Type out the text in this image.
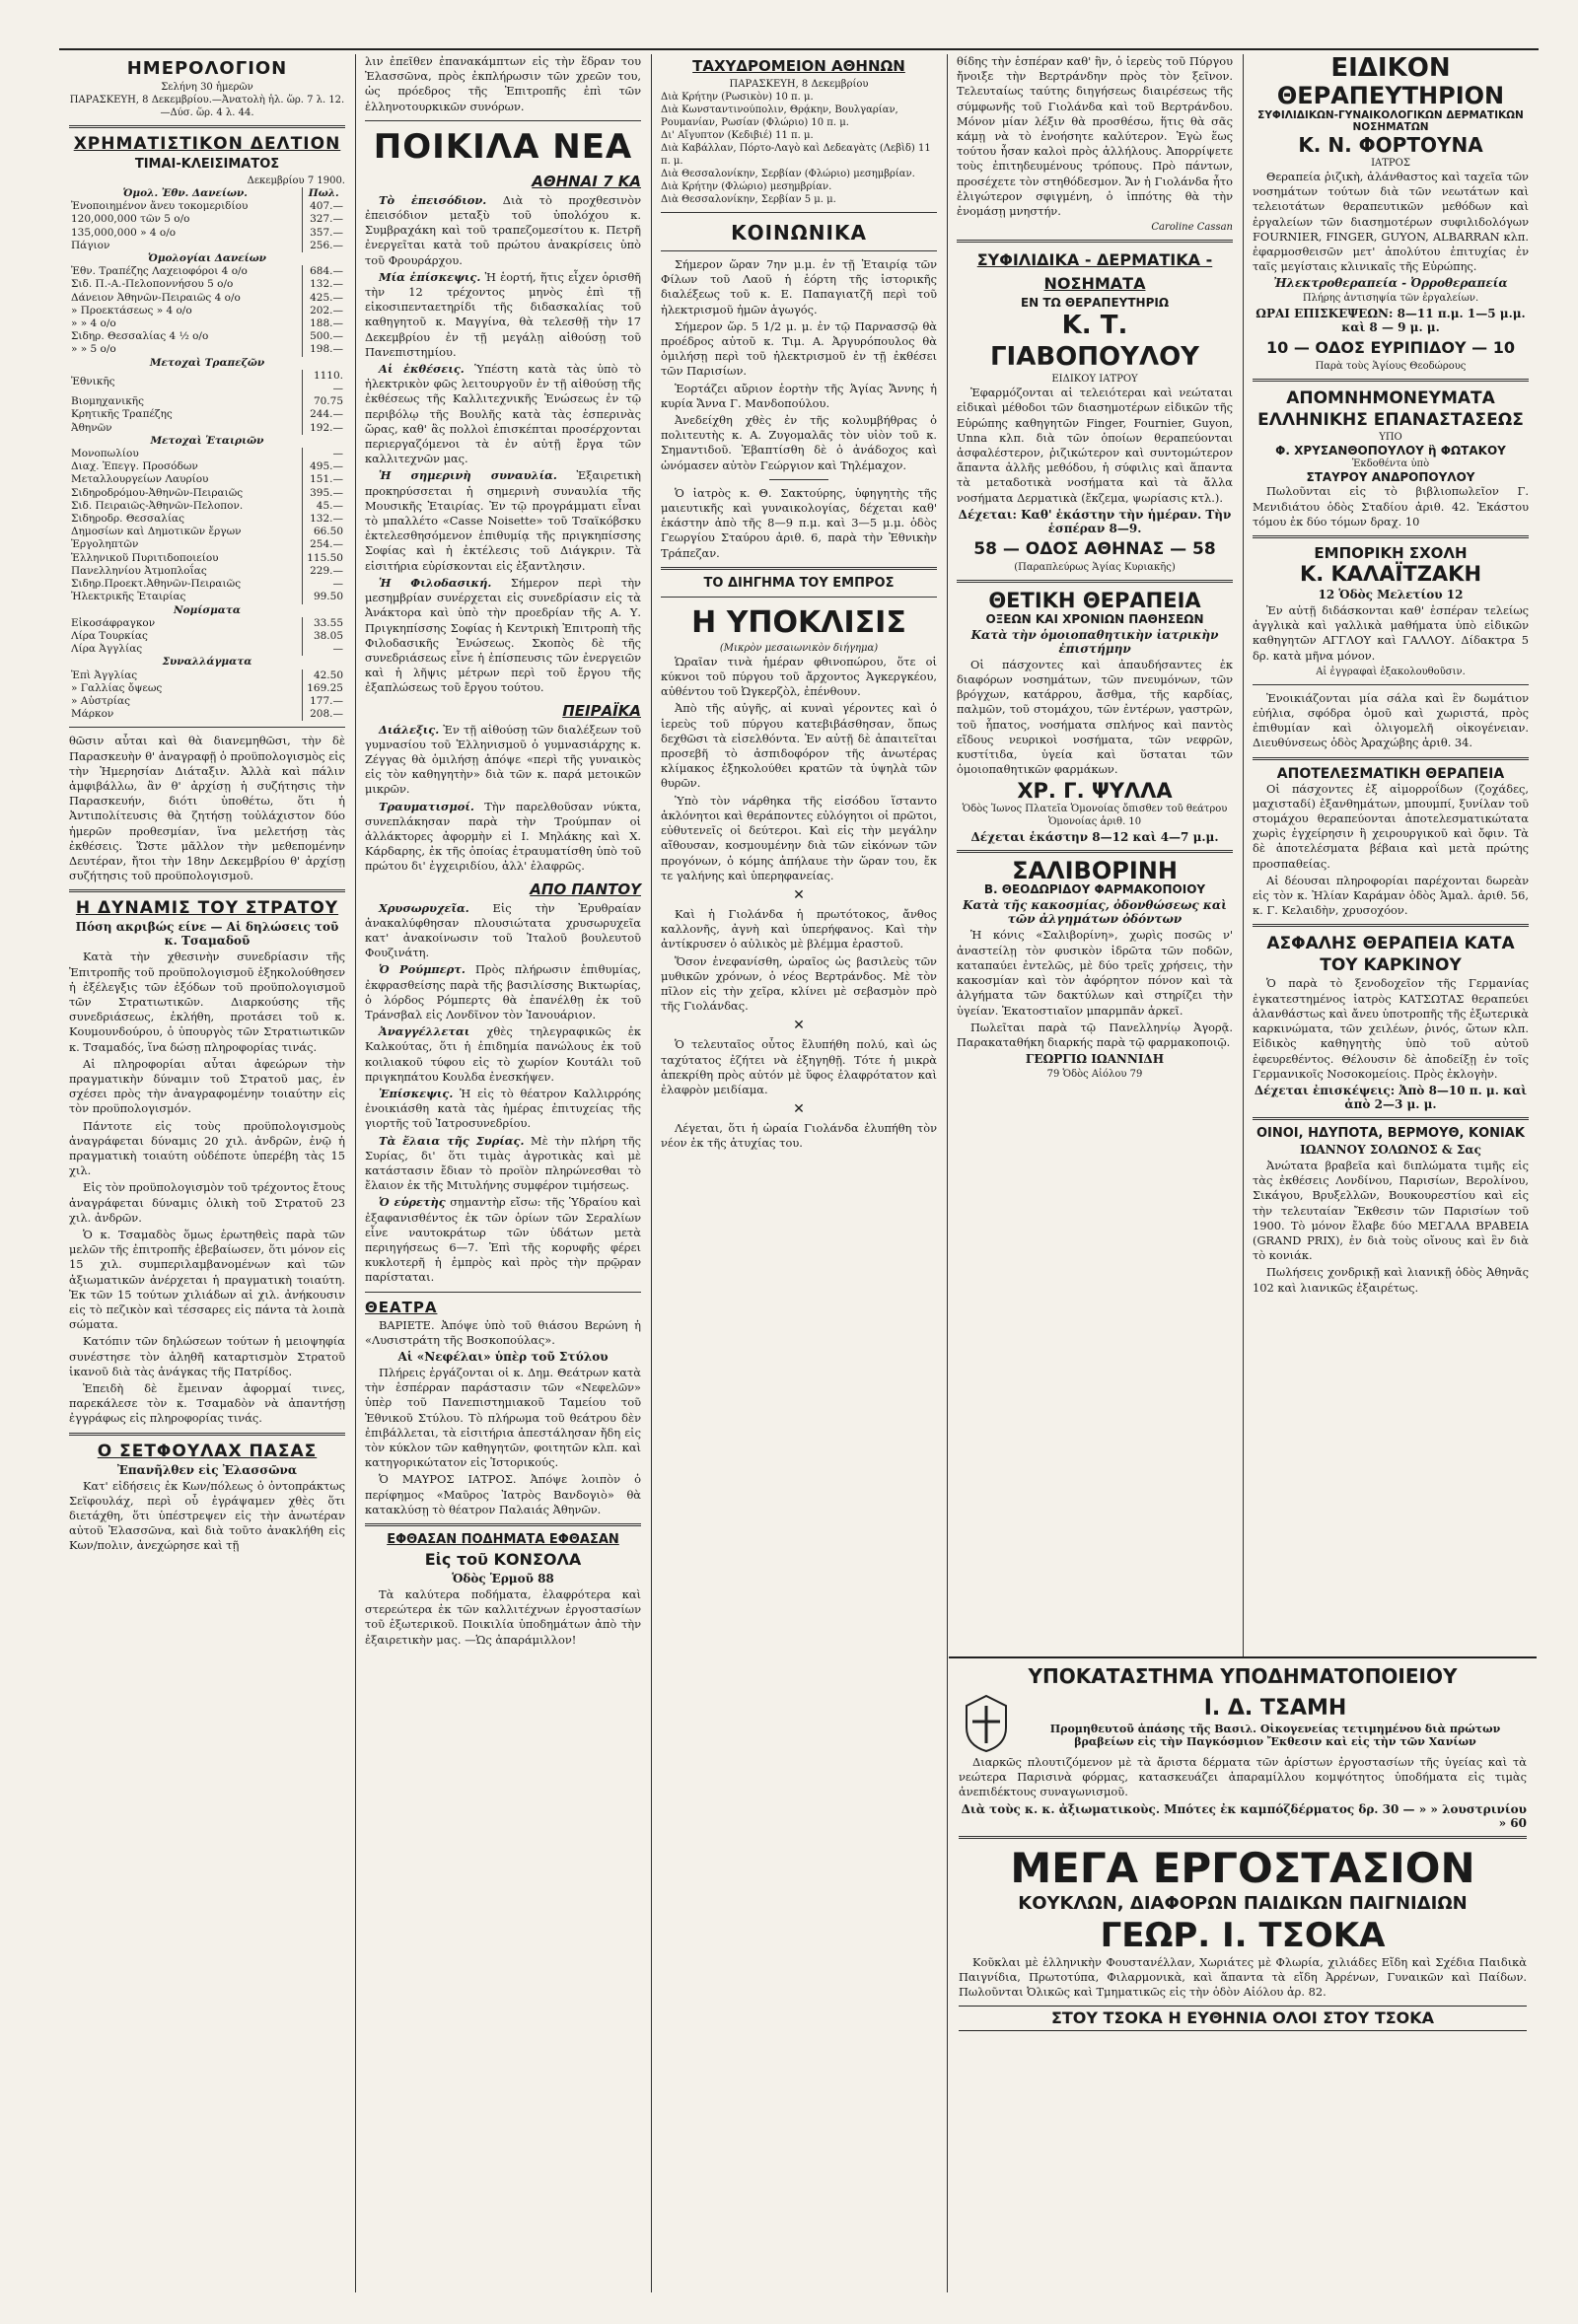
ΗΜΕΡΟΛΟΓΙΟΝ
Σελήνη 30 ἡμερῶν
ΠΑΡΑΣΚΕΥΗ, 8 Δεκεμβρίου.—Ἀνατολὴ ἡλ. ὥρ. 7 λ. 12.—Δύσ. ὥρ. 4 λ. 44.
ΧΡΗΜΑΤΙΣΤΙΚΟΝ ΔΕΛΤΙΟΝ
ΤΙΜΑΙ-ΚΛΕΙΣΙΜΑΤΟΣ
Δεκεμβρίου 7 1900.
Ὁμολ. Ἐθν. Δανείων.	Πωλ.
Ἐνοποιημένον ἄνευ τοκομεριδίου	407.—
120,000,000 τῶν 5 ο/ο	327.—
135,000,000 » 4 ο/ο	357.—
Πάγιον	256.—
Ὁμολογίαι Δανείων	
Ἐθν. Τραπέζης Λαχειοφόροι 4 ο/ο	684.—
Σιδ. Π.-Α.-Πελοποννήσου 5 ο/ο	132.—
Δάνειον Ἀθηνῶν-Πειραιῶς 4 ο/ο	425.—
» Προεκτάσεως » 4 ο/ο	202.—
» » 4 ο/ο	188.—
Σιδηρ. Θεσσαλίας 4 ½ ο/ο	500.—
» » 5 ο/ο	198.—
Μετοχαὶ Τραπεζῶν	
Ἐθνικῆς	1110.—
Βιομηχανικῆς	70.75
Κρητικῆς Τραπέζης	244.—
Ἀθηνῶν	192.—
Μετοχαὶ Ἑταιριῶν	
Μονοπωλίου	—
Διαχ. Ἐπεγγ. Προσόδων	495.—
Μεταλλουργείων Λαυρίου	151.—
Σιδηροδρόμου-Ἀθηνῶν-Πειραιῶς	395.—
Σιδ. Πειραιῶς-Ἀθηνῶν-Πελοπον.	45.—
Σιδηροδρ. Θεσσαλίας	132.—
Δημοσίων καὶ Δημοτικῶν ἔργων	66.50
Ἐργοληπτῶν	254.—
Ἑλληνικοῦ Πυριτιδοποιείου	115.50
Πανελληνίου Ἀτμοπλοΐας	229.—
Σιδηρ.Προεκτ.Ἀθηνῶν-Πειραιῶς	—
Ἠλεκτρικῆς Ἑταιρίας	99.50
Νομίσματα	
Εἰκοσάφραγκον	33.55
Λίρα Τουρκίας	38.05
Λίρα Ἀγγλίας	—
Συναλλάγματα	
Ἐπὶ Ἀγγλίας	42.50
» Γαλλίας ὄψεως	169.25
» Αὐστρίας	177.—
Μάρκον	208.—

θῶσιν αὗται καὶ θὰ διανεμηθῶσι, τὴν δὲ Παρασκευὴν θ' ἀναγραφῇ ὁ προϋπολογισμὸς εἰς τὴν Ἡμερησίαν Διάταξιν. Ἀλλὰ καὶ πάλιν ἀμφιβάλλω, ἂν θ' ἀρχίσῃ ἡ συζήτησις τὴν Παρασκευήν, διότι ὑποθέτω, ὅτι ἡ Ἀντιπολίτευσις θὰ ζητήσῃ τοὐλάχιστον δύο ἡμερῶν προθεσμίαν, ἵνα μελετήσῃ τὰς ἐκθέσεις. Ὥστε μᾶλλον τὴν μεθεπομένην Δευτέραν, ἤτοι τὴν 18ην Δεκεμβρίου θ' ἀρχίσῃ συζήτησις τοῦ προϋπολογισμοῦ.

Η ΔΥΝΑΜΙΣ ΤΟΥ ΣΤΡΑΤΟΥ
Πόση ακριβώς είνε — Αἱ δηλώσεις τοῦ κ. Τσαμαδοῦ

Κατὰ τὴν χθεσινὴν συνεδρίασιν τῆς Ἐπιτροπῆς τοῦ προϋπολογισμοῦ ἐξηκολούθησεν ἡ ἐξέλεγξις τῶν ἐξόδων τοῦ προϋπολογισμοῦ τῶν Στρατιωτικῶν. Διαρκούσης τῆς συνεδριάσεως, ἐκλήθη, προτάσει τοῦ κ. Κουμουνδούρου, ὁ ὑπουργὸς τῶν Στρατιωτικῶν κ. Τσαμαδός, ἵνα δώσῃ πληροφορίας τινάς.

Αἱ πληροφορίαι αὗται ἀφεώρων τὴν πραγματικὴν δύναμιν τοῦ Στρατοῦ μας, ἐν σχέσει πρὸς τὴν ἀναγραφομένην τοιαύτην εἰς τὸν προϋπολογισμόν.

Πάντοτε εἰς τοὺς προϋπολογισμοὺς ἀναγράφεται δύναμις 20 χιλ. ἀνδρῶν, ἐνῷ ἡ πραγματικὴ τοιαύτη οὐδέποτε ὑπερέβη τὰς 15 χιλ.

Εἰς τὸν προϋπολογισμὸν τοῦ τρέχοντος ἔτους ἀναγράφεται δύναμις ὁλικὴ τοῦ Στρατοῦ 23 χιλ. ἀνδρῶν.

Ὁ κ. Τσαμαδὸς ὅμως ἐρωτηθεὶς παρὰ τῶν μελῶν τῆς ἐπιτροπῆς ἐβεβαίωσεν, ὅτι μόνον εἰς 15 χιλ. συμπεριλαμβανομένων καὶ τῶν ἀξιωματικῶν ἀνέρχεται ἡ πραγματικὴ τοιαύτη. Ἐκ τῶν 15 τούτων χιλιάδων αἱ χιλ. ἀνήκουσιν εἰς τὸ πεζικὸν καὶ τέσσαρες εἰς πάντα τὰ λοιπὰ σώματα.

Κατόπιν τῶν δηλώσεων τούτων ἡ μειοψηφία συνέστησε τὸν ἀληθῆ καταρτισμὸν Στρατοῦ ἱκανοῦ διὰ τὰς ἀνάγκας τῆς Πατρίδος.

Ἐπειδὴ δὲ ἔμειναν ἀφορμαί τινες, παρεκάλεσε τὸν κ. Τσαμαδὸν νὰ ἀπαντήσῃ ἐγγράφως εἰς πληροφορίας τινάς.

Ο ΣΕΤΦΟΥΛΑΧ ΠΑΣΑΣ
Ἐπανῆλθεν εἰς Ἐλασσῶνα

Κατ' εἰδήσεις ἐκ Κων/πόλεως ὁ ὀντοπράκτως Σεϊφουλάχ, περὶ οὗ ἐγράψαμεν χθὲς ὅτι διετάχθη, ὅτι ὑπέστρεψεν εἰς τὴν ἀνωτέραν αὐτοῦ Ἐλασσῶνα, καὶ διὰ τοῦτο ἀνακλήθη εἰς Κων/πολιν, ἀνεχώρησε καὶ τῇ

λιν ἐπεῖθεν ἐπανακάμπτων εἰς τὴν ἕδραν του Ἐλασσῶνα, πρὸς ἐκπλήρωσιν τῶν χρεῶν του, ὡς πρόεδρος τῆς Ἐπιτροπῆς ἐπὶ τῶν ἑλληνοτουρκικῶν συνόρων.

ΠΟΙΚΙΛΑ ΝΕΑ
ΑΘΗΝΑΙ 7 ΚΑ

Τὸ ἐπεισόδιον. Διὰ τὸ προχθεσινὸν ἐπεισόδιον μεταξὺ τοῦ ὑπολόχου κ. Συμβραχάκη καὶ τοῦ τραπεζομεσίτου κ. Πετρῆ ἐνεργεῖται κατὰ τοῦ πρώτου ἀνακρίσεις ὑπὸ τοῦ Φρουράρχου.

Μία ἐπίσκεψις. Ἡ ἑορτή, ἥτις εἶχεν ὁρισθῆ τὴν 12 τρέχοντος μηνὸς ἐπὶ τῇ εἰκοσιπενταετηρίδι τῆς διδασκαλίας τοῦ καθηγητοῦ κ. Μαγγίνα, θὰ τελεσθῇ τὴν 17 Δεκεμβρίου ἐν τῇ μεγάλῃ αἰθούσῃ τοῦ Πανεπιστημίου.

Αἱ ἐκθέσεις. Ὑπέστη κατὰ τὰς ὑπὸ τὸ ἠλεκτρικὸν φῶς λειτουργοῦν ἐν τῇ αἰθούσῃ τῆς ἐκθέσεως τῆς Καλλιτεχνικῆς Ἑνώσεως ἐν τῷ περιβόλῳ τῆς Βουλῆς κατὰ τὰς ἑσπερινὰς ὥρας, καθ' ἃς πολλοὶ ἐπισκέπται προσέρχονται περιεργαζόμενοι τὰ ἐν αὐτῇ ἔργα τῶν καλλιτεχνῶν μας.

Ἡ σημερινὴ συναυλία. Ἐξαιρετικὴ προκηρύσσεται ἡ σημερινὴ συναυλία τῆς Μουσικῆς Ἑταιρίας. Ἐν τῷ προγράμματι εἶναι τὸ μπαλλέτο «Casse Noisette» τοῦ Τσαϊκόβσκυ ἐκτελεσθησόμενον ἐπιθυμίᾳ τῆς πριγκηπίσσης Σοφίας καὶ ἡ ἐκτέλεσις τοῦ Διάγκριν. Τὰ εἰσιτήρια εὑρίσκονται εἰς ἐξαντλησιν.

Ἡ Φιλοδασική. Σήμερον περὶ τὴν μεσημβρίαν συνέρχεται εἰς συνεδρίασιν εἰς τὰ Ἀνάκτορα καὶ ὑπὸ τὴν προεδρίαν τῆς Α. Υ. Πριγκηπίσσης Σοφίας ἡ Κεντρικὴ Ἐπιτροπὴ τῆς Φιλοδασικῆς Ἑνώσεως. Σκοπὸς δὲ τῆς συνεδριάσεως εἶνε ἡ ἐπίσπευσις τῶν ἐνεργειῶν καὶ ἡ λῆψις μέτρων περὶ τοῦ ἔργου τῆς ἐξαπλώσεως τοῦ ἔργου τούτου.

ΠΕΙΡΑΪΚΑ

Διάλεξις. Ἐν τῇ αἰθούσῃ τῶν διαλέξεων τοῦ γυμνασίου τοῦ Ἑλληνισμοῦ ὁ γυμνασιάρχης κ. Ζέγγας θὰ ὁμιλήσῃ ἀπόψε «περὶ τῆς γυναικὸς εἰς τὸν καθηγητὴν» διὰ τῶν κ. παρά μετοικῶν μικρῶν.

Τραυματισμοί. Τὴν παρελθοῦσαν νύκτα, συνεπλάκησαν παρὰ τὴν Τρούμπαν οἱ ἀλλάκτορες ἀφορμὴν εἰ Ι. Μηλάκης καὶ Χ. Κάρδαρης, ἐκ τῆς ὁποίας ἐτραυματίσθη ὑπὸ τοῦ πρώτου δι' ἐγχειριδίου, ἀλλ' ἐλαφρῶς.

ΑΠΟ ΠΑΝΤΟΥ

Χρυσωρυχεῖα. Εἰς τὴν Ἐρυθραίαν ἀνακαλύφθησαν πλουσιώτατα χρυσωρυχεῖα κατ' ἀνακοίνωσιν τοῦ Ἰταλοῦ βουλευτοῦ Φουζινάτη.

Ὁ Ρούμπερτ. Πρὸς πλήρωσιν ἐπιθυμίας, ἐκφρασθείσης παρὰ τῆς βασιλίσσης Βικτωρίας, ὁ λόρδος Ρόμπερτς θὰ ἐπανέλθῃ ἐκ τοῦ Τράνσβαλ εἰς Λονδῖνον τὸν Ἰανουάριον.

Ἀναγγέλλεται χθὲς τηλεγραφικῶς ἐκ Καλκούτας, ὅτι ἡ ἐπιδημία πανώλους ἐκ τοῦ κοιλιακοῦ τύφου εἰς τὸ χωρίον Κουτάλι τοῦ πριγκηπάτου Κουλδα ἐνεσκήψεν.

Ἐπίσκεψις. Ἡ εἰς τὸ θέατρον Καλλιρρόης ἐνοικιάσθη κατὰ τὰς ἡμέρας ἐπιτυχείας τῆς γιορτῆς τοῦ Ἰατροσυνεδρίου.

Τὰ ἔλαια τῆς Συρίας. Μὲ τὴν πλήρη τῆς Συρίας, δι' ὅτι τιμὰς ἀγροτικὰς καὶ μὲ κατάστασιν ἔδιαν τὸ προϊὸν πληρώνεσθαι τὸ ἔλαιον ἐκ τῆς Μιτυλήνης συμφέρον τιμήσεως.

Ὁ εὑρετὴς σημαντὴρ εἴσω: τῆς Ὑδραίου καὶ ἐξαφανισθέντος ἐκ τῶν ὁρίων τῶν Σεραλίων εἶνε ναυτοκράτωρ τῶν ὑδάτων μετὰ περιηγήσεως 6—7. Ἐπὶ τῆς κορυφῆς φέρει κυκλοτερῆ ἡ ἐμπρὸς καὶ πρὸς τὴν πρῷραν παρίσταται.

ΘΕΑΤΡΑ

ΒΑΡΙΕΤΕ. Ἀπόψε ὑπὸ τοῦ θιάσου Βερώνη ἡ «Λυσιστράτη τῆς Βοσκοπούλας».

Αἱ «Νεφέλαι» ὑπὲρ τοῦ Στύλου

Πλήρεις ἐργάζονται οἱ κ. Δημ. Θεάτρων κατὰ τὴν ἑσπέρραν παράστασιν τῶν «Νεφελῶν» ὑπὲρ τοῦ Πανεπιστημιακοῦ Ταμείου τοῦ Ἑθνικοῦ Στύλου. Τὸ πλήρωμα τοῦ θεάτρου δὲν ἐπιβάλλεται, τὰ εἰσιτήρια ἀπεστάλησαν ἤδη εἰς τὸν κύκλον τῶν καθηγητῶν, φοιτητῶν κλπ. καὶ κατηγορικώτατον εἰς Ἱστορικούς.

Ὁ ΜΑΥΡΟΣ ΙΑΤΡΟΣ. Ἀπόψε λοιπὸν ὁ περίφημος «Μαῦρος Ἰατρὸς Βανδογιὸ» θὰ κατακλύσῃ τὸ θέατρον Παλαιάς Ἀθηνῶν.

ΕΦΘΑΣΑΝ ΠΟΔΗΜΑΤΑ ΕΦΘΑΣΑΝ
Εἰς τοῦ ΚΟΝΣΟΛΑ
Ὁδὸς Ἑρμοῦ 88

Τὰ καλύτερα ποδήματα, ἐλαφρότερα καὶ στερεώτερα ἐκ τῶν καλλιτέχνων ἐργοστασίων τοῦ ἐξωτερικοῦ. Ποικιλία ὑποδημάτων ἀπὸ τὴν ἐξαιρετικὴν μας. —Ὡς ἀπαράμιλλον!

ΤΑΧΥΔΡΟΜΕΙΟΝ ΑΘΗΝΩΝ
ΠΑΡΑΣΚΕΥΗ, 8 Δεκεμβρίου
Διὰ Κρήτην (Ρωσικὸν) 10 π. μ.
Διὰ Κωνσταντινούπολιν, Θρᾴκην, Βουλγαρίαν, Ρουμανίαν, Ρωσίαν (Φλώριο) 10 π. μ.
Δι' Αἴγυπτον (Κεδιβιέ) 11 π. μ.
Διὰ Καβάλλαν, Πόρτο-Λαγὸ καὶ Δεδεαγὰτς (Λεβὶδ) 11 π. μ.
Διὰ Θεσσαλονίκην, Σερβίαν (Φλώριο) μεσημβρίαν.
Διὰ Κρήτην (Φλώριο) μεσημβρίαν.
Διὰ Θεσσαλονίκην, Σερβίαν 5 μ. μ.
ΚΟΙΝΩΝΙΚΑ

Σήμερον ὥραν 7ην μ.μ. ἐν τῇ Ἑταιρίᾳ τῶν Φίλων τοῦ Λαοῦ ἡ ἑόρτη τῆς ἱστορικῆς διαλέξεως τοῦ κ. Ε. Παπαγιατζῆ περὶ τοῦ ἠλεκτρισμοῦ ἡμῶν ἀγωγός.

Σήμερον ὥρ. 5 1/2 μ. μ. ἐν τῷ Παρνασσῷ θὰ προέδρος αὐτοῦ κ. Τιμ. Α. Ἀργυρόπουλος θὰ ὁμιλήσῃ περὶ τοῦ ἠλεκτρισμοῦ ἐν τῇ ἐκθέσει τῶν Παρισίων.

Ἑορτάζει αὔριον ἑορτὴν τῆς Ἁγίας Ἄννης ἡ κυρία Ἄννα Γ. Μανδοπούλου.

Ἀνεδείχθη χθὲς ἐν τῆς κολυμβήθρας ὁ πολιτευτὴς κ. Α. Ζυγομαλᾶς τὸν υἱὸν τοῦ κ. Σημαντιδοῦ. Ἐβαπτίσθη δὲ ὁ ἀνάδοχος καὶ ὠνόμασεν αὐτὸν Γεώργιον καὶ Τηλέμαχον.

Ὁ ἰατρὸς κ. Θ. Σακτούρης, ὑφηγητὴς τῆς μαιευτικῆς καὶ γυναικολογίας, δέχεται καθ' ἑκάστην ἀπὸ τῆς 8—9 π.μ. καὶ 3—5 μ.μ. ὁδὸς Γεωργίου Σταύρου ἀριθ. 6, παρὰ τὴν Ἐθνικὴν Τράπεζαν.

ΤΟ ΔΙΗΓΗΜΑ ΤΟΥ ΕΜΠΡΟΣ
Η ΥΠΟΚΛΙΣΙΣ
(Μικρὸν μεσαιωνικὸν διήγημα)

Ὡραῖαν τινὰ ἡμέραν φθινοπώρου, ὅτε οἱ κύκνοι τοῦ πύργου τοῦ ἄρχοντος Ἀγκεργκέου, αὐθέντου τοῦ Ὠγκερζὸλ, ἐπένθουν.

Ἀπὸ τῆς αὐγῆς, αἱ κυναὶ γέροντες καὶ ὁ ἱερεὺς τοῦ πύργου κατεβιβάσθησαν, ὅπως δεχθῶσι τὰ εἰσελθόντα. Ἐν αὐτῇ δὲ ἀπαιτεῖται προσεβῆ τὸ ἀσπιδοφόρον τῆς ἀνωτέρας κλίμακος ἐξηκολούθει κρατῶν τὰ ὑψηλὰ τῶν θυρῶν.

Ὑπὸ τὸν νάρθηκα τῆς εἰσόδου ἵσταντο ἀκλόνητοι καὶ θεράποντες εὐλόγητοι οἱ πρῶτοι, εὐθυτενεῖς οἱ δεύτεροι. Καὶ εἰς τὴν μεγάλην αἴθουσαν, κοσμουμένην διὰ τῶν εἰκόνων τῶν προγόνων, ὁ κόμης ἀπήλαυε τὴν ὥραν του, ἔκ τε γαλήνης καὶ ὑπερηφανείας.

✕

Καὶ ἡ Γιολάνδα ἡ πρωτότοκος, ἄνθος καλλονῆς, ἀγνὴ καὶ ὑπερήφανος. Καὶ τὴν ἀντίκρυσεν ὁ αὐλικὸς μὲ βλέμμα ἐραστοῦ.

Ὅσον ἐνεφανίσθη, ὡραῖος ὡς βασιλεὺς τῶν μυθικῶν χρόνων, ὁ νέος Βερτράνδος. Μὲ τὸν πῖλον εἰς τὴν χεῖρα, κλίνει μὲ σεβασμὸν πρὸ τῆς Γιολάνδας.

✕

Ὁ τελευταῖος οὗτος ἔλυπήθη πολύ, καὶ ὡς ταχύτατος ἐζήτει νὰ ἐξηγηθῇ. Τότε ἡ μικρὰ ἀπεκρίθη πρὸς αὐτόν μὲ ὕφος ἐλαφρότατον καὶ ἐλαφρὸν μειδίαμα.

✕

Λέγεται, ὅτι ἡ ὡραία Γιολάνδα ἐλυπήθη τὸν νέον ἐκ τῆς ἀτυχίας του.

θίδης τὴν ἑσπέραν καθ' ἣν, ὁ ἱερεὺς τοῦ Πύργου ἤνοιξε τὴν Βερτράνδην πρὸς τὸν ξεῖνον. Τελευταίως ταύτης διηγήσεως διαιρέσεως τῆς σύμφωνῆς τοῦ Γιολάνδα καὶ τοῦ Βερτράνδου. Μόνον μίαν λέξιν θὰ προσθέσω, ἥτις θὰ σᾶς κάμῃ νὰ τὸ ἐνοήσητε καλύτερον. Ἐγὼ ἕως τούτου ἦσαν καλοὶ πρὸς ἀλλήλους. Ἀπορρίψετε τοὺς ἐπιτηδευμένους τρόπους. Πρὸ πάντων, προσέχετε τὸν στηθόδεσμον. Ἄν ἡ Γιολάνδα ἦτο ἐλιγώτερον σφιγμένη, ὁ ἱππότης θὰ τὴν ἐνομάσῃ μνηστήν.

Caroline Cassan
ΣΥΦΙΛΙΔΙΚΑ - ΔΕΡΜΑΤΙΚΑ - ΝΟΣΗΜΑΤΑ
ΕΝ ΤΩ ΘΕΡΑΠΕΥΤΗΡΙΩ
Κ. Τ. ΓΙΑΒΟΠΟΥΛΟΥ
ΕΙΔΙΚΟΥ ΙΑΤΡΟΥ

Ἐφαρμόζονται αἱ τελειότεραι καὶ νεώταται εἰδικαὶ μέθοδοι τῶν διασημοτέρων εἰδικῶν τῆς Εὐρώπης καθηγητῶν Finger, Fournier, Guyon, Unna κλπ. διὰ τῶν ὁποίων θεραπεύονται ἀσφαλέστερον, ῥιζικώτερον καὶ συντομώτερον ἄπαντα ἀλλῆς μεθόδου, ἡ σύφιλις καὶ ἅπαντα τὰ μεταδοτικὰ νοσήματα καὶ τὰ ἄλλα νοσήματα Δερματικὰ (ἔκζεμα, ψωρίασις κτλ.).

Δέχεται: Καθ' ἑκάστην τὴν ἡμέραν. Τὴν ἑσπέραν 8—9.
58 — ΟΔΟΣ ΑΘΗΝΑΣ — 58
(Παραπλεύρως Ἁγίας Κυριακῆς)
ΘΕΤΙΚΗ ΘΕΡΑΠΕΙΑ
ΟΞΕΩΝ ΚΑΙ ΧΡΟΝΙΩΝ ΠΑΘΗΣΕΩΝ
Κατὰ τὴν ὁμοιοπαθητικὴν ἰατρικὴν ἐπιστήμην

Οἱ πάσχοντες καὶ ἀπαυδήσαντες ἐκ διαφόρων νοσημάτων, τῶν πνευμόνων, τῶν βρόγχων, κατάρρου, ἄσθμα, τῆς καρδίας, παλμῶν, τοῦ στομάχου, τῶν ἐντέρων, γαστρῶν, τοῦ ἧπατος, νοσήματα σπλήνος καὶ παντὸς εἴδους νευρικοὶ νοσήματα, τῶν νεφρῶν, κυστίτιδα, ὑγεία καὶ ὕσταται τῶν ὁμοιοπαθητικῶν φαρμάκων.

ΧΡ. Γ. ΨΥΛΛΑ
Ὁδὸς Ἰωνος Πλατεῖα Ὁμονοίας ὄπισθεν τοῦ θεάτρου Ὁμονοίας ἀριθ. 10
Δέχεται ἑκάστην 8—12 καὶ 4—7 μ.μ.
ΣΑΛΙΒΟΡΙΝΗ
Β. ΘΕΟΔΩΡΙΔΟΥ ΦΑΡΜΑΚΟΠΟΙΟΥ
Κατὰ τῆς κακοσμίας, ὀδονθώσεως καὶ τῶν ἀλγημάτων ὀδόντων

Ἡ κόνις «Σαλιβορίνη», χωρὶς ποσῶς ν' ἀναστείλῃ τὸν φυσικὸν ἱδρῶτα τῶν ποδῶν, καταπαύει ἐντελῶς, μὲ δύο τρεῖς χρήσεις, τὴν κακοσμίαν καὶ τὸν ἀφόρητον πόνον καὶ τὰ ἀλγήματα τῶν δακτύλων καὶ στηρίζει τὴν ὑγείαν. Ἑκατοστιαῖον μπαρμπᾶν ἀρκεῖ.

Πωλεῖται παρὰ τῷ Πανελληνίῳ Ἀγορᾷ. Παρακαταθήκη διαρκής παρὰ τῷ φαρμακοποιῷ.

ΓΕΩΡΓΙΩ ΙΩΑΝΝΙΔΗ
79 Ὁδὸς Αἰόλου 79
ΕΙΔΙΚΟΝ
ΘΕΡΑΠΕΥΤΗΡΙΟΝ
ΣΥΦΙΛΙΔΙΚΩΝ-ΓΥΝΑΙΚΟΛΟΓΙΚΩΝ ΔΕΡΜΑΤΙΚΩΝ ΝΟΣΗΜΑΤΩΝ
Κ. Ν. ΦΟΡΤΟΥΝΑ
ΙΑΤΡΟΣ

Θεραπεία ῥιζικὴ, ἀλάνθαστος καὶ ταχεῖα τῶν νοσημάτων τούτων διὰ τῶν νεωτάτων καὶ τελειοτάτων θεραπευτικῶν μεθόδων καὶ ἐργαλείων τῶν διασημοτέρων συφιλιδολόγων FOURNIER, FINGER, GUYON, ALBARRAN κλπ. ἐφαρμοσθεισῶν μετ' ἀπολύτου ἐπιτυχίας ἐν ταῖς μεγίσταις κλινικαῖς τῆς Εὐρώπης.

Ἠλεκτροθεραπεία - Ὀρροθεραπεία
Πλήρης ἀντισηψία τῶν ἐργαλείων.
ΩΡΑΙ ΕΠΙΣΚΕΨΕΩΝ: 8—11 π.μ. 1—5 μ.μ. καὶ 8 — 9 μ. μ.
10 — ΟΔΟΣ ΕΥΡΙΠΙΔΟΥ — 10
Παρὰ τοὺς Ἁγίους Θεοδώρους
ΑΠΟΜΝΗΜΟΝΕΥΜΑΤΑ ΕΛΛΗΝΙΚΗΣ ΕΠΑΝΑΣΤΑΣΕΩΣ
ΥΠΟ
Φ. ΧΡΥΣΑΝΘΟΠΟΥΛΟΥ ἢ ΦΩΤΑΚΟΥ
Ἐκδοθέντα ὑπὸ
ΣΤΑΥΡΟΥ ΑΝΔΡΟΠΟΥΛΟΥ

Πωλοῦνται εἰς τὸ βιβλιοπωλεῖον Γ. Μενιδιάτου ὁδὸς Σταδίου ἀριθ. 42. Ἑκάστου τόμου ἐκ δύο τόμων δραχ. 10

ΕΜΠΟΡΙΚΗ ΣΧΟΛΗ
Κ. ΚΑΛΑΪΤΖΑΚΗ
12 Ὁδὸς Μελετίου 12

Ἐν αὐτῇ διδάσκονται καθ' ἑσπέραν τελείως ἀγγλικὰ καὶ γαλλικὰ μαθήματα ὑπὸ εἰδικῶν καθηγητῶν ΑΓΓΛΟΥ καὶ ΓΑΛΛΟΥ. Δίδακτρα 5 δρ. κατὰ μῆνα μόνον.

Αἱ ἐγγραφαὶ ἐξακολουθοῦσιν.

Ἐνοικιάζονται μία σάλα καὶ ἓν δωμάτιον εὐήλια, σφόδρα ὁμοῦ καὶ χωριστά, πρὸς ἐπιθυμίαν καὶ ὀλιγομελῆ οἰκογένειαν. Διευθύνσεως ὁδὸς Ἀραχώβης ἀριθ. 34.

ΑΠΟΤΕΛΕΣΜΑΤΙΚΗ ΘΕΡΑΠΕΙΑ

Οἱ πάσχοντες ἐξ αἱμορροΐδων (ζοχάδες, μαχισταδί) ἐξανθημάτων, μπουμπί, ξυνίλαν τοῦ στομάχου θεραπεύονται ἀποτελεσματικώτατα χωρὶς ἐγχείρησιν ἢ χειρουργικοῦ καὶ ὄφιν. Τὰ δὲ ἀποτελέσματα βέβαια καὶ μετὰ πρώτης προσπαθείας.

Αἱ δέουσαι πληροφορίαι παρέχονται δωρεὰν εἰς τὸν κ. Ἠλίαν Καράμαν ὁδὸς Ἁμαλ. ἀριθ. 56, κ. Γ. Κελαιδὴν, χρυσοχόον.

ΑΣΦΑΛΗΣ ΘΕΡΑΠΕΙΑ ΚΑΤΑ ΤΟΥ ΚΑΡΚΙΝΟΥ

Ὁ παρὰ τὸ ξενοδοχεῖον τῆς Γερμανίας ἐγκατεστημένος ἰατρὸς ΚΑΤΣΩΤΑΣ θεραπεύει ἀλανθάστως καὶ ἄνευ ὑποτροπῆς τῆς ἐξωτερικὰ καρκινώματα, τῶν χειλέων, ῥινός, ὤτων κλπ. Εἰδικὸς καθηγητὴς ὑπὸ τοῦ αὐτοῦ ἐφευρεθέντος. Θέλουσιν δὲ ἀποδείξῃ ἐν τοῖς Γερμανικοῖς Νοσοκομείοις. Πρὸς ἐκλογὴν.

Δέχεται ἐπισκέψεις: Ἀπὸ 8—10 π. μ. καὶ ἀπὸ 2—3 μ. μ.
ΟΙΝΟΙ, ΗΔΥΠΟΤΑ, ΒΕΡΜΟΥΘ, ΚΟΝΙΑΚ
ΙΩΑΝΝΟΥ ΣΟΛΩΝΟΣ & Σας

Ἀνώτατα βραβεῖα καὶ διπλώματα τιμῆς εἰς τὰς ἐκθέσεις Λονδίνου, Παρισίων, Βερολίνου, Σικάγου, Βρυξελλῶν, Βουκουρεστίου καὶ εἰς τὴν τελευταίαν Ἔκθεσιν τῶν Παρισίων τοῦ 1900. Τὸ μόνον ἔλαβε δύο ΜΕΓΑΛΑ ΒΡΑΒΕΙΑ (GRAND PRIX), ἐν διὰ τοὺς οἴνους καὶ ἓν διὰ τὸ κονιάκ.

Πωλήσεις χονδρικῇ καὶ λιανικῇ ὁδὸς Ἀθηνᾶς 102 καὶ λιανικῶς ἐξαιρέτως.

ΥΠΟΚΑΤΑΣΤΗΜΑ ΥΠΟΔΗΜΑΤΟΠΟΙΕΙΟΥ
Ι. Δ. ΤΣΑΜΗ
Προμηθευτοῦ ἁπάσης τῆς Βασιλ. Οἰκογενείας τετιμημένου διὰ πρώτων βραβείων εἰς τὴν Παγκόσμιον Ἔκθεσιν καὶ εἰς τὴν τῶν Χανίων

Διαρκῶς πλουτιζόμενον μὲ τὰ ἄριστα δέρματα τῶν ἀρίστων ἐργοστασίων τῆς ὑγείας καὶ τὰ νεώτερα Παρισινὰ φόρμας, κατασκευάζει ἀπαραμίλλου κομψότητος ὑποδήματα εἰς τιμὰς ἀνεπιδέκτους συναγωνισμοῦ.

Διὰ τοὺς κ. κ. ἀξιωματικοὺς. Μπότες ἐκ καμπόζδέρματος δρ. 30 — » » λουστρινίου » 60
ΜΕΓΑ ΕΡΓΟΣΤΑΣΙΟΝ
ΚΟΥΚΛΩΝ, ΔΙΑΦΟΡΩΝ ΠΑΙΔΙΚΩΝ ΠΑΙΓΝΙΔΙΩΝ
ΓΕΩΡ. Ι. ΤΣΟΚΑ

Κοῦκλαι μὲ ἑλληνικὴν Φουστανέλλαν, Χωριάτες μὲ Φλωρία, χιλιάδες Εἴδη καὶ Σχέδια Παιδικὰ Παιγνίδια, Πρωτοτύπα, Φιλαρμονικὰ, καὶ ἅπαντα τὰ εἴδη Ἀρρένων, Γυναικῶν καὶ Παίδων. Πωλοῦνται Ὀλικῶς καὶ Τμηματικῶς εἰς τὴν ὁδὸν Αἰόλου ἀρ. 82.

ΣΤΟΥ ΤΣΟΚΑ Η ΕΥΘΗΝΙΑ ΟΛΟΙ ΣΤΟΥ ΤΣΟΚΑ
